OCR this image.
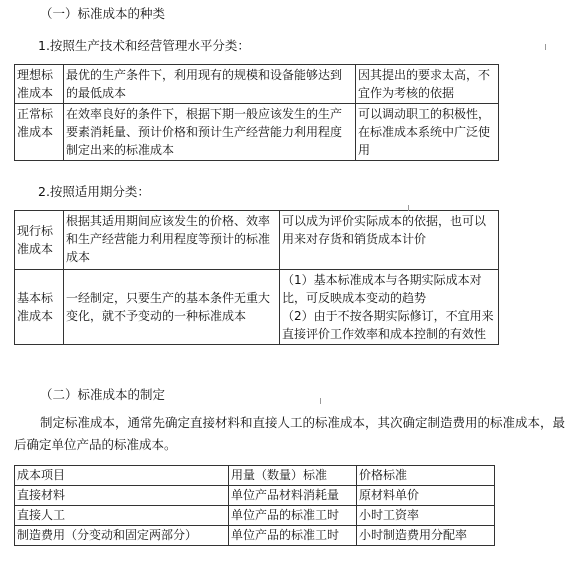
（一）标准成本的种类
1.按照生产技术和经营管理水平分类：
理想标准成本	最优的生产条件下，利用现有的规模和设备能够达到的最低成本	因其提出的要求太高，不宜作为考核的依据
正常标准成本	在效率良好的条件下，根据下期一般应该发生的生产要素消耗量、预计价格和预计生产经营能力利用程度制定出来的标准成本	可以调动职工的积极性，在标准成本系统中广泛使用
2.按照适用期分类：
现行标准成本	根据其适用期间应该发生的价格、效率和生产经营能力利用程度等预计的标准成本	可以成为评价实际成本的依据，也可以用来对存货和销货成本计价
基本标准成本	一经制定，只要生产的基本条件无重大变化，就不予变动的一种标准成本	（1）基本标准成本与各期实际成本对比，可反映成本变动的趋势
（2）由于不按各期实际修订，不宜用来直接评价工作效率和成本控制的有效性
（二）标准成本的制定
制定标准成本，通常先确定直接材料和直接人工的标准成本，其次确定制造费用的标准成本，最后确定单位产品的标准成本。
成本项目	用量（数量）标准	价格标准
直接材料	单位产品材料消耗量	原材料单价
直接人工	单位产品的标准工时	小时工资率
制造费用（分变动和固定两部分）	单位产品的标准工时	小时制造费用分配率
